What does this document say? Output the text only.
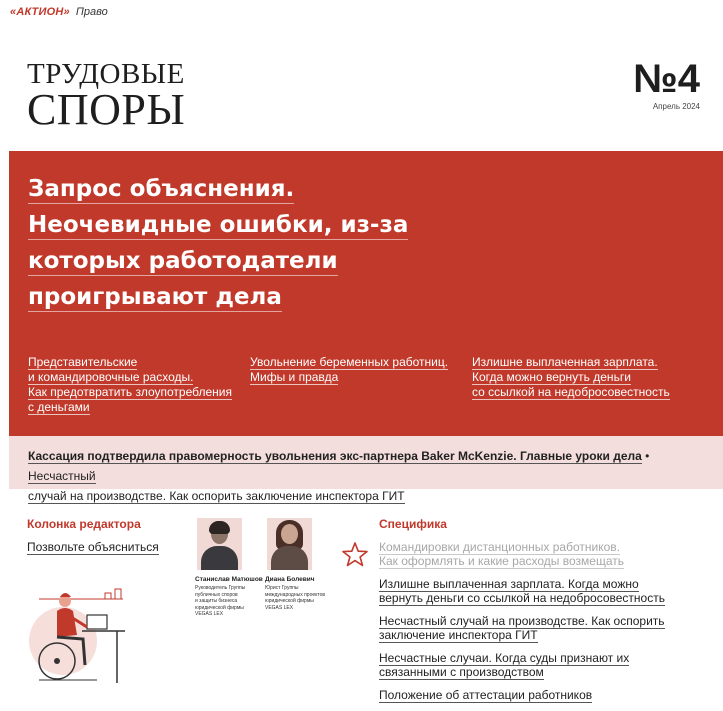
«АКТИОН» Право
ТРУДОВЫЕ
СПОРЫ
№4
Апрель 2024
Запрос объяснения.
Неочевидные ошибки, из-за
которых работодатели
проигрывают дела
Представительские
и командировочные расходы.
Как предотвратить злоупотребления
с деньгами
Увольнение беременных работниц.
Мифы и правда
Излишне выплаченная зарплата.
Когда можно вернуть деньги
со ссылкой на недобросовестность
Кассация подтвердила правомерность увольнения экс-партнера Baker McKenzie. Главные уроки дела • Несчастный
случай на производстве. Как оспорить заключение инспектора ГИТ
Колонка редактора
Позвольте объясниться
Станислав Матюшов
Руководитель Группы
публичных споров
и защиты бизнеса
юридической фирмы
VEGAS LEX
Диана Болевич
Юрист Группы
международных проектов
юридической фирмы
VEGAS LEX
Специфика
Командировки дистанционных работников.
Как оформлять и какие расходы возмещать
Излишне выплаченная зарплата. Когда можно
вернуть деньги со ссылкой на недобросовестность
Несчастный случай на производстве. Как оспорить
заключение инспектора ГИТ
Несчастные случаи. Когда суды признают их
связанными с производством
Положение об аттестации работников
